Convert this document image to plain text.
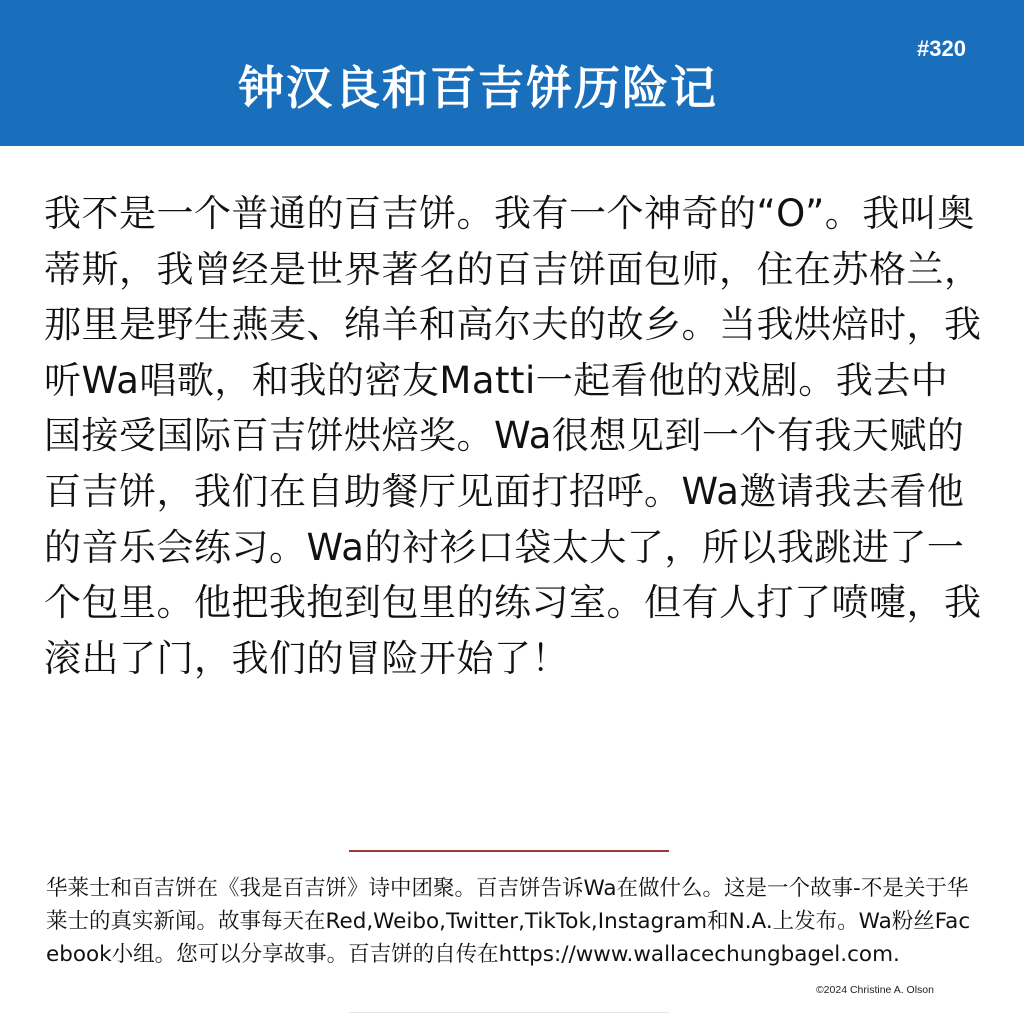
#320
钟汉良和百吉饼历险记

我不是一个普通的百吉饼。我有一个神奇的“O”。我叫奥蒂斯，我曾经是世界著名的百吉饼面包师，住在苏格兰，那里是野生燕麦、绵羊和高尔夫的故乡。当我烘焙时，我听Wa唱歌，和我的密友Matti一起看他的戏剧。我去中国接受国际百吉饼烘焙奖。Wa很想见到一个有我天赋的百吉饼，我们在自助餐厅见面打招呼。Wa邀请我去看他的音乐会练习。Wa的衬衫口袋太大了，所以我跳进了一个包里。他把我抱到包里的练习室。但有人打了喷嚏，我滚出了门，我们的冒险开始了！

华莱士和百吉饼在《我是百吉饼》诗中团聚。百吉饼告诉Wa在做什么。这是一个故事-不是关于华莱士的真实新闻。故事每天在Red,Weibo,Twitter,TikTok,Instagram和N.A.上发布。Wa粉丝Facebook小组。您可以分享故事。百吉饼的自传在https://www.wallacechungbagel.com.

©2024 Christine A. Olson
